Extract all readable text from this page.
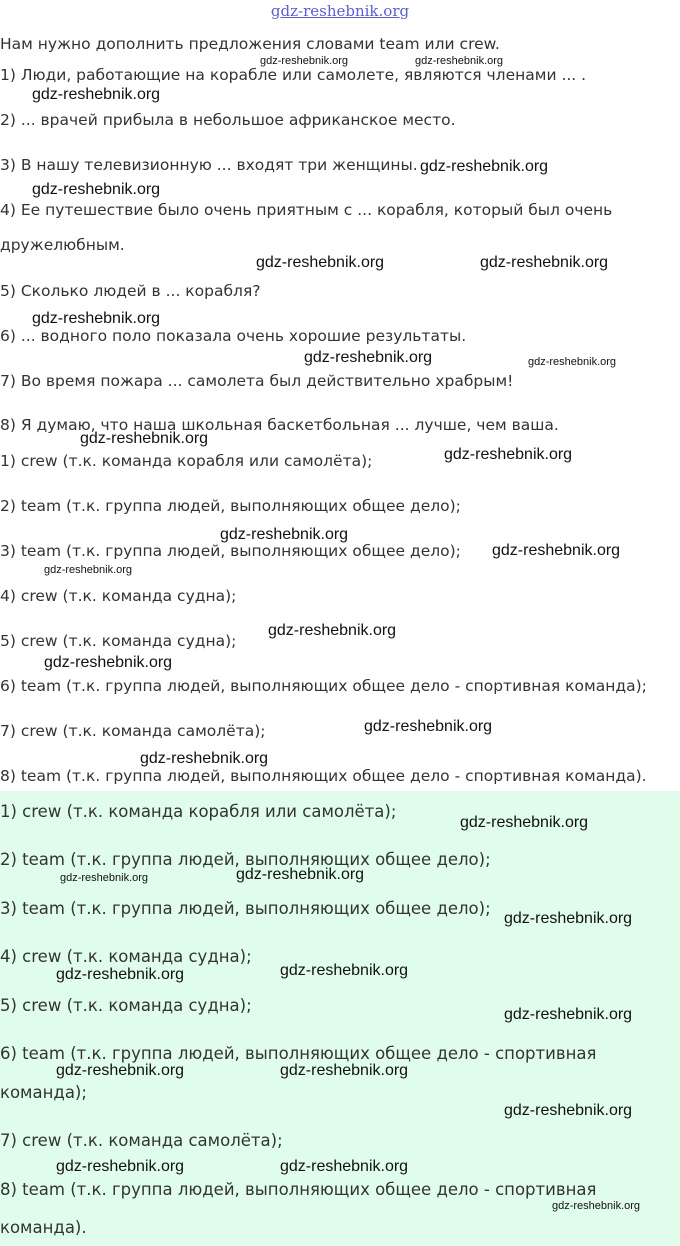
gdz-reshebnik.org

Нам нужно дополнить предложения словами team или crew.

1) Люди, работающие на корабле или самолете, являются членами ... .

2) ... врачей прибыла в небольшое африканское место.

3) В нашу телевизионную ... входят три женщины.

4) Ее путешествие было очень приятным с ... корабля, который был очень

дружелюбным.

5) Сколько людей в ... корабля?

6) ... водного поло показала очень хорошие результаты.

7) Во время пожара ... самолета был действительно храбрым!

8) Я думаю, что наша школьная баскетбольная ... лучше, чем ваша.

1) crew (т.к. команда корабля или самолёта);

2) team (т.к. группа людей, выполняющих общее дело);

3) team (т.к. группа людей, выполняющих общее дело);

4) crew (т.к. команда судна);

5) crew (т.к. команда судна);

6) team (т.к. группа людей, выполняющих общее дело - спортивная команда);

7) crew (т.к. команда самолёта);

8) team (т.к. группа людей, выполняющих общее дело - спортивная команда).

1) crew (т.к. команда корабля или самолёта);

2) team (т.к. группа людей, выполняющих общее дело);

3) team (т.к. группа людей, выполняющих общее дело);

4) crew (т.к. команда судна);

5) crew (т.к. команда судна);

6) team (т.к. группа людей, выполняющих общее дело - спортивная

команда);

7) crew (т.к. команда самолёта);

8) team (т.к. группа людей, выполняющих общее дело - спортивная

команда).

gdz-reshebnik.org	gdz-reshebnik.org
gdz-reshebnik.org
gdz-reshebnik.org
gdz-reshebnik.org
gdz-reshebnik.org	gdz-reshebnik.org
gdz-reshebnik.org
gdz-reshebnik.org	gdz-reshebnik.org
gdz-reshebnik.org
gdz-reshebnik.org
gdz-reshebnik.org
gdz-reshebnik.org
gdz-reshebnik.org
gdz-reshebnik.org
gdz-reshebnik.org
gdz-reshebnik.org
gdz-reshebnik.org
gdz-reshebnik.org
gdz-reshebnik.org	gdz-reshebnik.org
gdz-reshebnik.org
gdz-reshebnik.org
gdz-reshebnik.org
gdz-reshebnik.org
gdz-reshebnik.org	gdz-reshebnik.org
gdz-reshebnik.org
gdz-reshebnik.org	gdz-reshebnik.org
gdz-reshebnik.org
